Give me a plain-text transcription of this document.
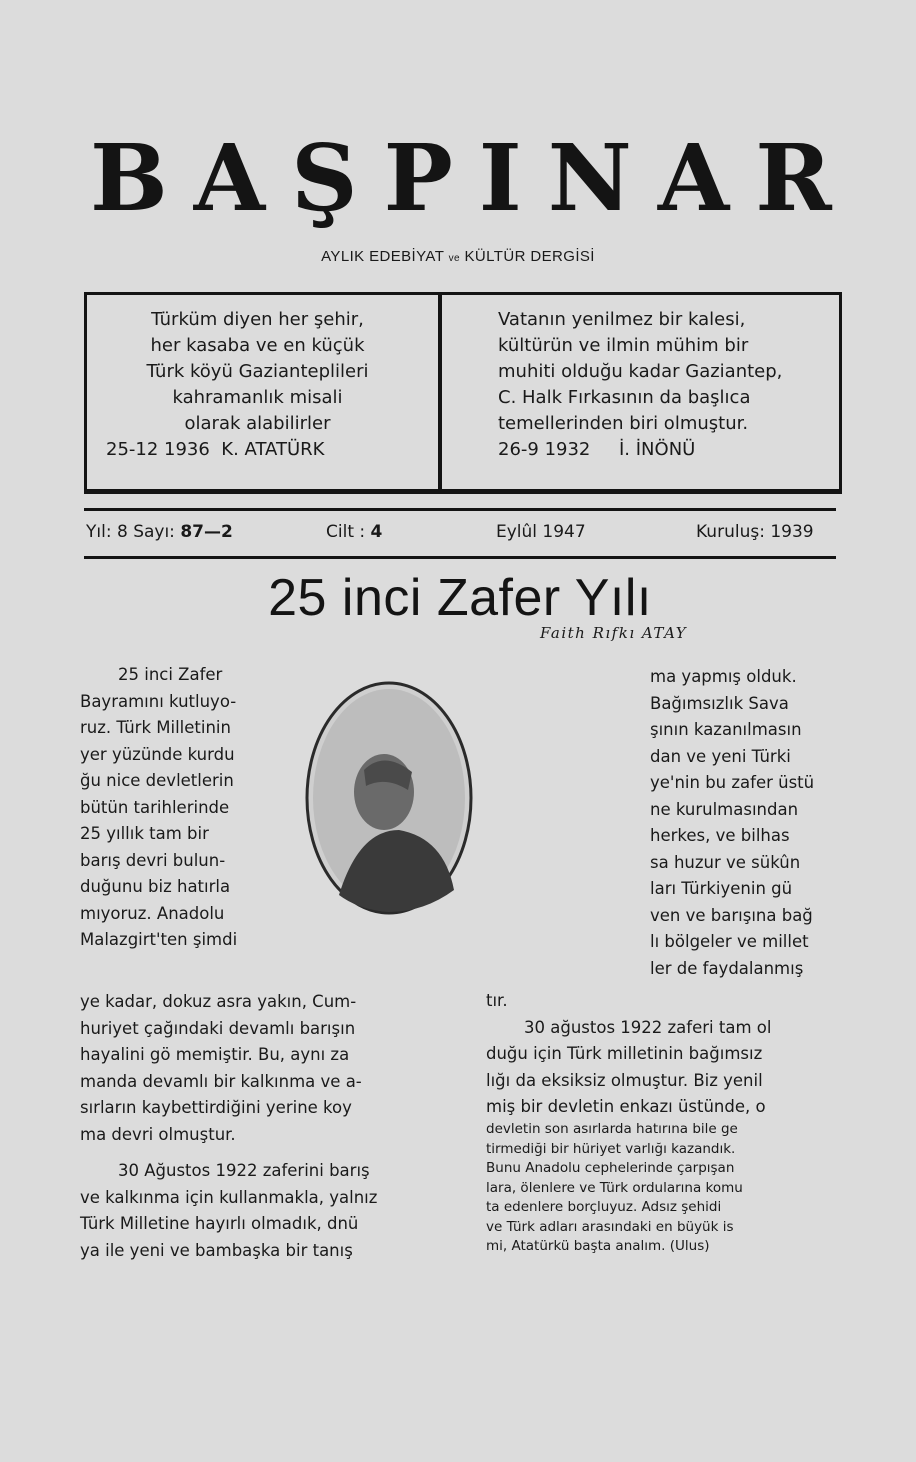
BAŞPINAR
AYLIK EDEBİYAT ve KÜLTÜR DERGİSİ
Türküm diyen her şehir,
her kasaba ve en küçük
Türk köyü Gazianteplileri
kahramanlık misali
olarak alabilirler
25-12 1936 K. ATATÜRK
Vatanın yenilmez bir kalesi,
kültürün ve ilmin mühim bir
muhiti olduğu kadar Gaziantep,
C. Halk Fırkasının da başlıca
temellerinden biri olmuştur.
26-9 1932 İ. İNÖNÜ
Yıl: 8 Sayı: 87—2	Cilt : 4	Eylûl 1947	Kuruluş: 1939
25 inci Zafer Yılı
Faith Rıfkı ATAY
25 inci Zafer
Bayramını kutluyo-
ruz. Türk Milletinin
yer yüzünde kurdu
ğu nice devletlerin
bütün tarihlerinde
25 yıllık tam bir
barış devri bulun-
duğunu biz hatırla
mıyoruz. Anadolu
Malazgirt'ten şimdi
ye kadar, dokuz asra yakın, Cum-
huriyet çağındaki devamlı barışın
hayalini gö memiştir. Bu, aynı za
manda devamlı bir kalkınma ve a-
sırların kaybettirdiğini yerine koy
ma devri olmuştur.
30 Ağustos 1922 zaferini barış
ve kalkınma için kullanmakla, yalnız
Türk Milletine hayırlı olmadık, dnü
ya ile yeni ve bambaşka bir tanış
ma yapmış olduk.
Bağımsızlık Sava
şının kazanılmasın
dan ve yeni Türki
ye'nin bu zafer üstü
ne kurulmasından
herkes, ve bilhas
sa huzur ve sükûn
ları Türkiyenin gü
ven ve barışına bağ
lı bölgeler ve millet
ler de faydalanmış
tır.
30 ağustos 1922 zaferi tam ol
duğu için Türk milletinin bağımsız
lığı da eksiksiz olmuştur. Biz yenil
miş bir devletin enkazı üstünde, o
devletin son asırlarda hatırına bile ge
tirmediği bir hüriyet varlığı kazandık.
Bunu Anadolu cephelerinde çarpışan
lara, ölenlere ve Türk ordularına komu
ta edenlere borçluyuz. Adsız şehidi
ve Türk adları arasındaki en büyük is
mi, Atatürkü başta analım. (Ulus)
